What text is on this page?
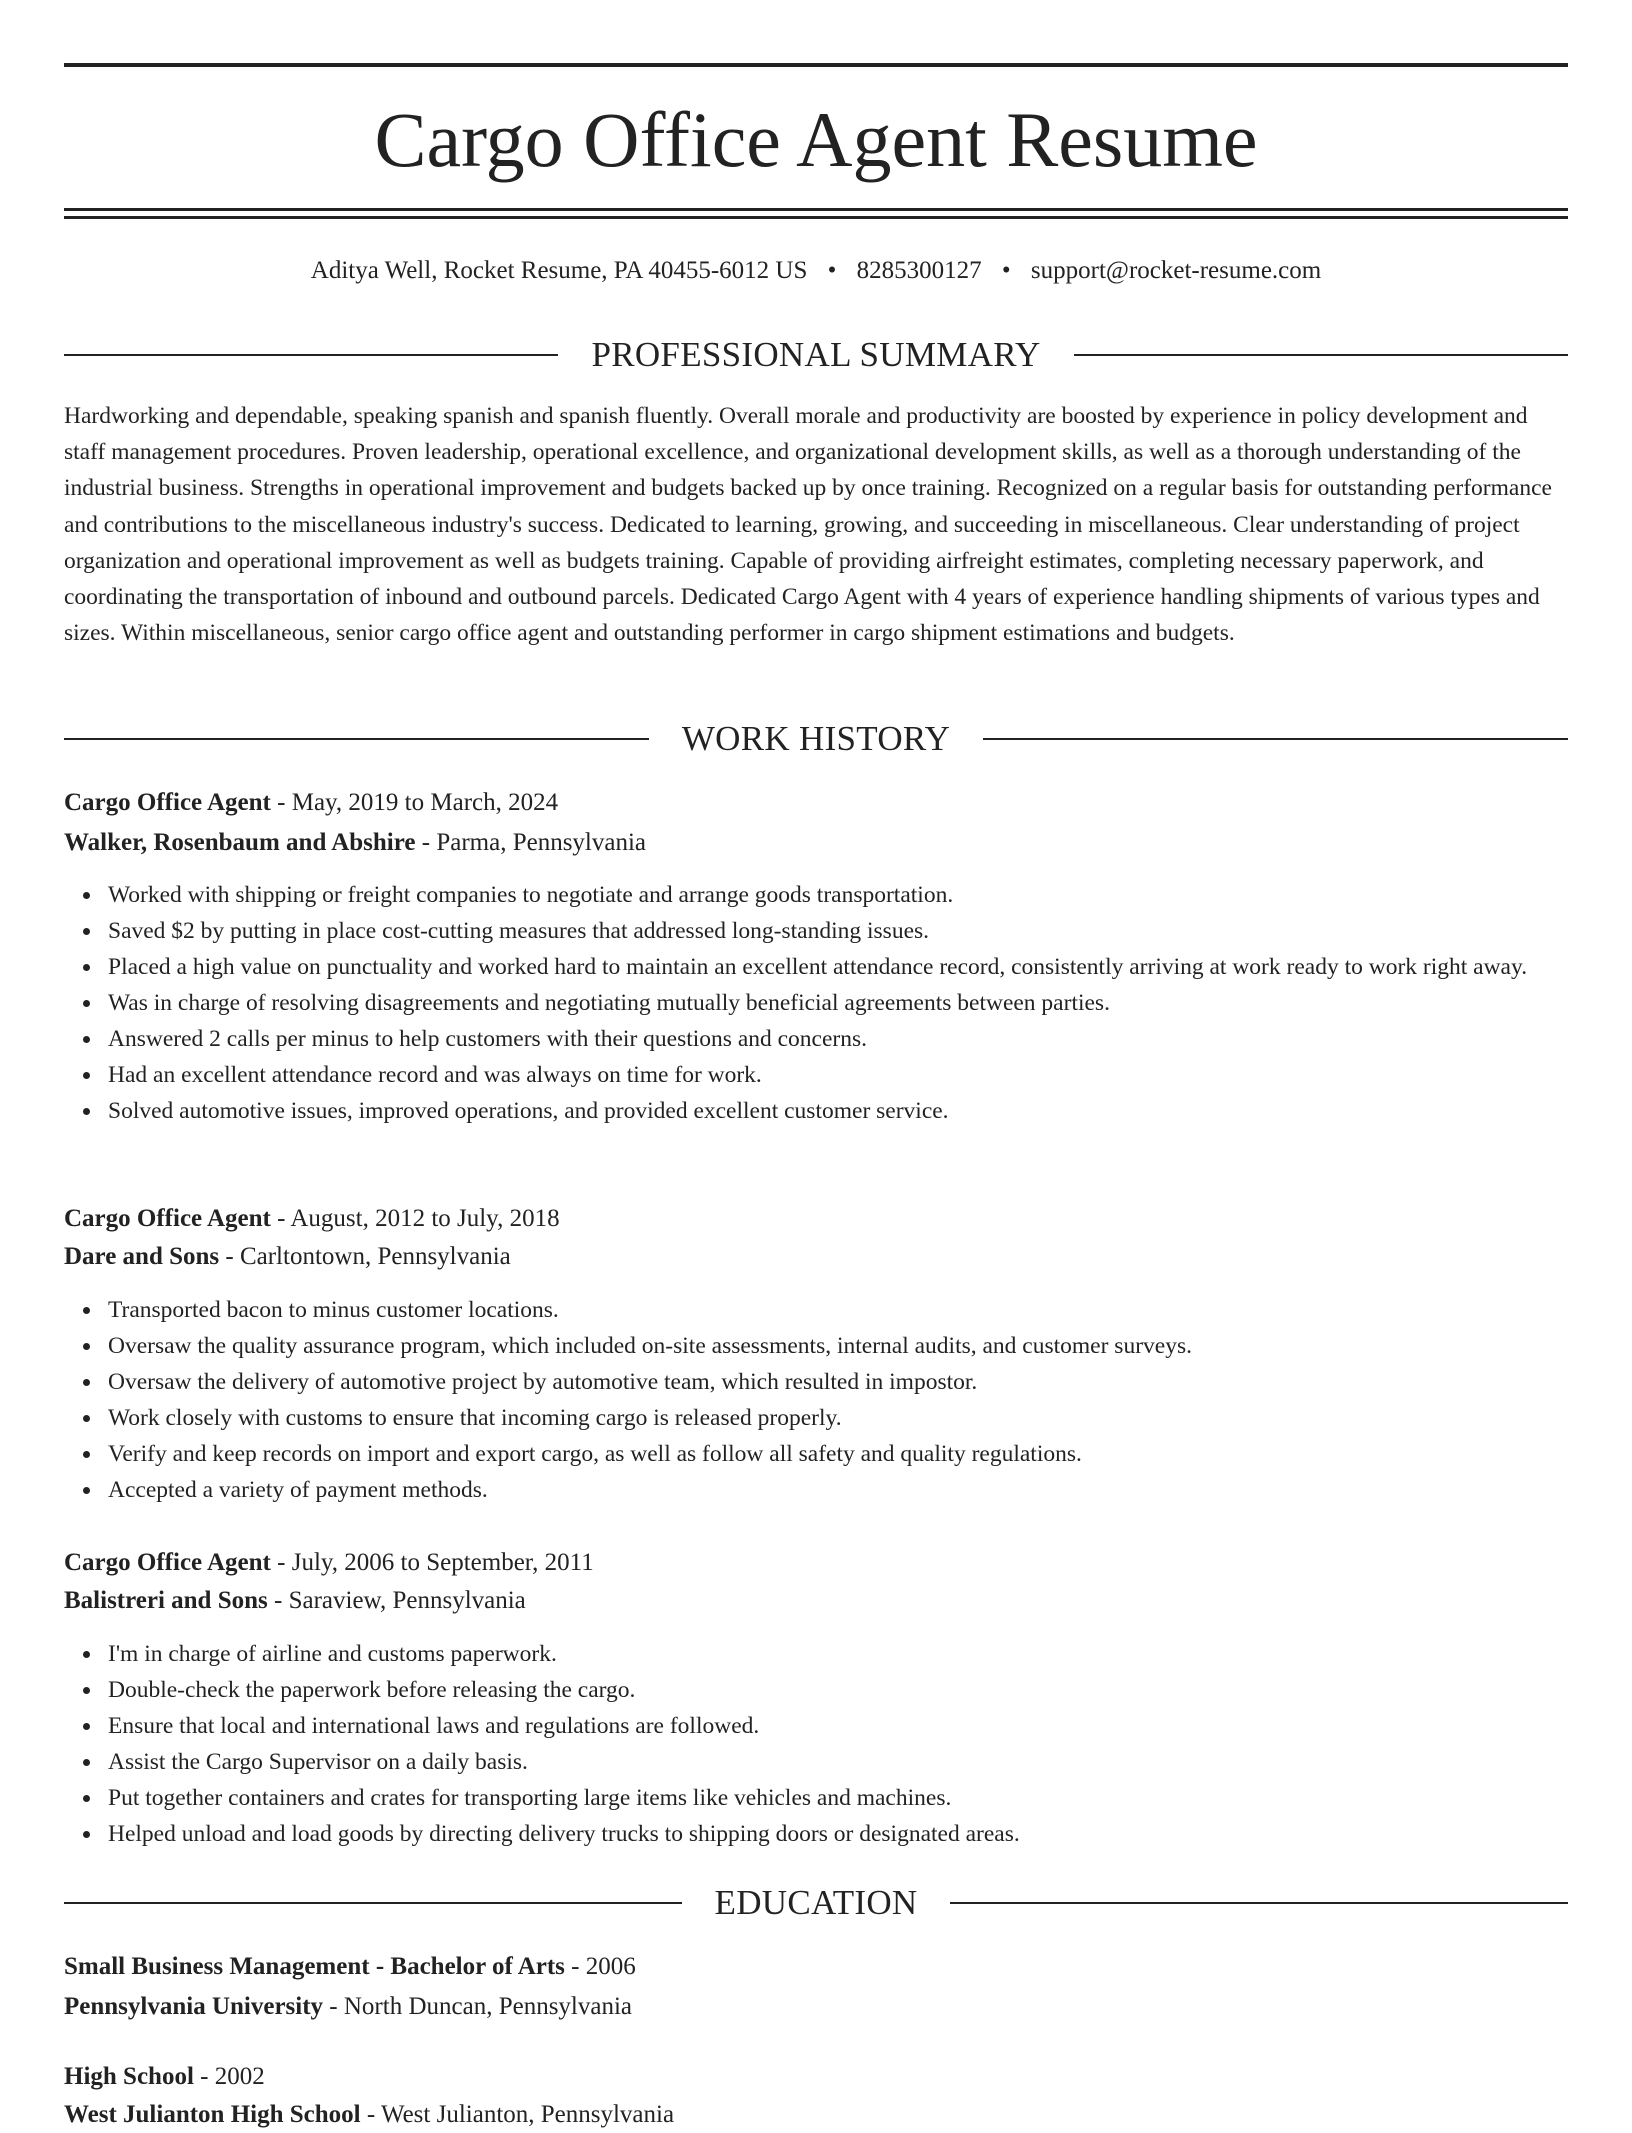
Cargo Office Agent Resume
Aditya Well, Rocket Resume, PA 40455-6012 US • 8285300127 • support@rocket-resume.com
PROFESSIONAL SUMMARY

Hardworking and dependable, speaking spanish and spanish fluently. Overall morale and productivity are boosted by experience in policy development and staff management procedures. Proven leadership, operational excellence, and organizational development skills, as well as a thorough understanding of the industrial business. Strengths in operational improvement and budgets backed up by once training. Recognized on a regular basis for outstanding performance and contributions to the miscellaneous industry's success. Dedicated to learning, growing, and succeeding in miscellaneous. Clear understanding of project organization and operational improvement as well as budgets training. Capable of providing airfreight estimates, completing necessary paperwork, and coordinating the transportation of inbound and outbound parcels. Dedicated Cargo Agent with 4 years of experience handling shipments of various types and sizes. Within miscellaneous, senior cargo office agent and outstanding performer in cargo shipment estimations and budgets.

WORK HISTORY
Cargo Office Agent - May, 2019 to March, 2024
Walker, Rosenbaum and Abshire - Parma, Pennsylvania
Worked with shipping or freight companies to negotiate and arrange goods transportation.
Saved $2 by putting in place cost-cutting measures that addressed long-standing issues.
Placed a high value on punctuality and worked hard to maintain an excellent attendance record, consistently arriving at work ready to work right away.
Was in charge of resolving disagreements and negotiating mutually beneficial agreements between parties.
Answered 2 calls per minus to help customers with their questions and concerns.
Had an excellent attendance record and was always on time for work.
Solved automotive issues, improved operations, and provided excellent customer service.
Cargo Office Agent - August, 2012 to July, 2018
Dare and Sons - Carltontown, Pennsylvania
Transported bacon to minus customer locations.
Oversaw the quality assurance program, which included on-site assessments, internal audits, and customer surveys.
Oversaw the delivery of automotive project by automotive team, which resulted in impostor.
Work closely with customs to ensure that incoming cargo is released properly.
Verify and keep records on import and export cargo, as well as follow all safety and quality regulations.
Accepted a variety of payment methods.
Cargo Office Agent - July, 2006 to September, 2011
Balistreri and Sons - Saraview, Pennsylvania
I'm in charge of airline and customs paperwork.
Double-check the paperwork before releasing the cargo.
Ensure that local and international laws and regulations are followed.
Assist the Cargo Supervisor on a daily basis.
Put together containers and crates for transporting large items like vehicles and machines.
Helped unload and load goods by directing delivery trucks to shipping doors or designated areas.
EDUCATION
Small Business Management - Bachelor of Arts - 2006
Pennsylvania University - North Duncan, Pennsylvania
High School - 2002
West Julianton High School - West Julianton, Pennsylvania
